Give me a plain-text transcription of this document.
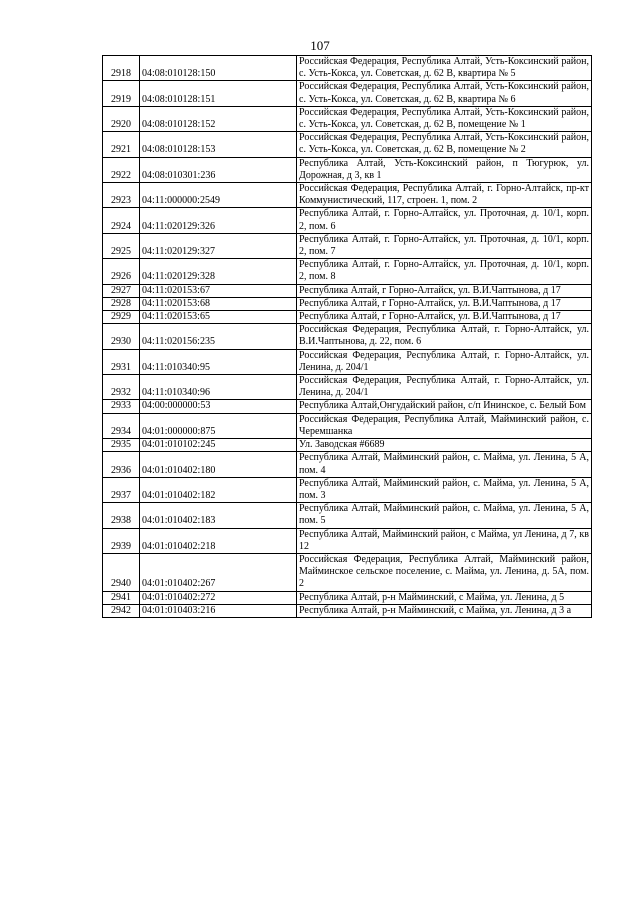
107
2918	04:08:010128:150	Российская Федерация, Республика Алтай, Усть-Коксинский район, с. Усть-Кокса, ул. Советская, д. 62 В, квартира № 5
2919	04:08:010128:151	Российская Федерация, Республика Алтай, Усть-Коксинский район, с. Усть-Кокса, ул. Советская, д. 62 В, квартира № 6
2920	04:08:010128:152	Российская Федерация, Республика Алтай, Усть-Коксинский район, с. Усть-Кокса, ул. Советская, д. 62 В, помещение № 1
2921	04:08:010128:153	Российская Федерация, Республика Алтай, Усть-Коксинский район, с. Усть-Кокса, ул. Советская, д. 62 В, помещение № 2
2922	04:08:010301:236	Республика Алтай, Усть-Коксинский район, п Тюгурюк, ул. Дорожная, д 3, кв 1
2923	04:11:000000:2549	Российская Федерация, Республика Алтай, г. Горно-Алтайск, пр-кт Коммунистический, 117, строен. 1, пом. 2
2924	04:11:020129:326	Республика Алтай, г. Горно-Алтайск, ул. Проточная, д. 10/1, корп. 2, пом. 6
2925	04:11:020129:327	Республика Алтай, г. Горно-Алтайск, ул. Проточная, д. 10/1, корп. 2, пом. 7
2926	04:11:020129:328	Республика Алтай, г. Горно-Алтайск, ул. Проточная, д. 10/1, корп. 2, пом. 8
2927	04:11:020153:67	Республика Алтай, г Горно-Алтайск, ул. В.И.Чаптынова, д 17
2928	04:11:020153:68	Республика Алтай, г Горно-Алтайск, ул. В.И.Чаптынова, д 17
2929	04:11:020153:65	Республика Алтай, г Горно-Алтайск, ул. В.И.Чаптынова, д 17
2930	04:11:020156:235	Российская Федерация, Республика Алтай, г. Горно-Алтайск, ул. В.И.Чаптынова, д. 22, пом. 6
2931	04:11:010340:95	Российская Федерация, Республика Алтай, г. Горно-Алтайск, ул. Ленина, д. 204/1
2932	04:11:010340:96	Российская Федерация, Республика Алтай, г. Горно-Алтайск, ул. Ленина, д. 204/1
2933	04:00:000000:53	Республика Алтай,Онгудайский район, с/п Ининское, с. Белый Бом
2934	04:01:000000:875	Российская Федерация, Республика Алтай, Майминский район, с. Черемшанка
2935	04:01:010102:245	Ул. Заводская #6689
2936	04:01:010402:180	Республика Алтай, Майминский район, с. Майма, ул. Ленина, 5 А, пом. 4
2937	04:01:010402:182	Республика Алтай, Майминский район, с. Майма, ул. Ленина, 5 А, пом. 3
2938	04:01:010402:183	Республика Алтай, Майминский район, с. Майма, ул. Ленина, 5 А, пом. 5
2939	04:01:010402:218	Республика Алтай, Майминский район, с Майма, ул Ленина, д 7, кв 12
2940	04:01:010402:267	Российская Федерация, Республика Алтай, Майминский район, Майминское сельское поселение, с. Майма, ул. Ленина, д. 5А, пом. 2
2941	04:01:010402:272	Республика Алтай, р-н Майминский, с Майма, ул. Ленина, д 5
2942	04:01:010403:216	Республика Алтай, р-н Майминский, с Майма, ул. Ленина, д 3 а
